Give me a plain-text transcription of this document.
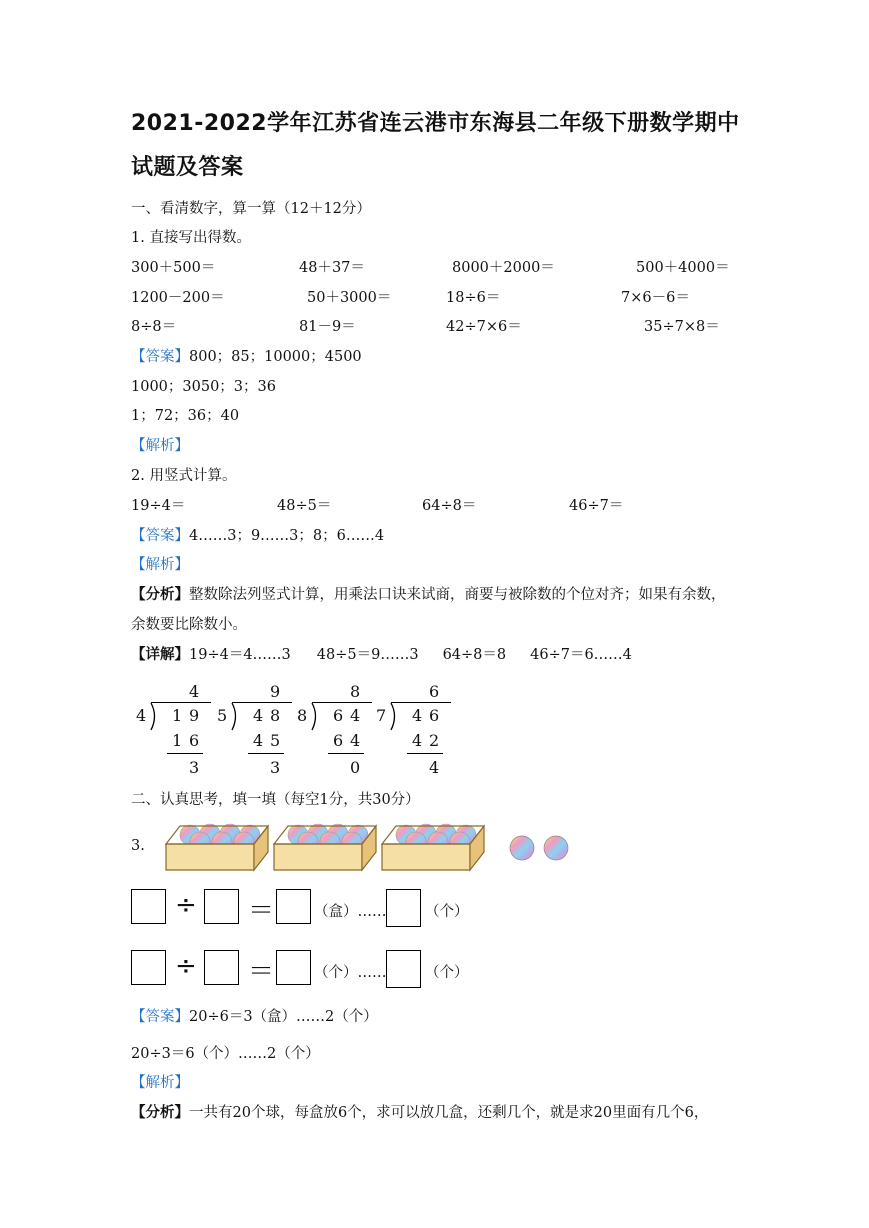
2021-2022学年江苏省连云港市东海县二年级下册数学期中
试题及答案
一、看清数字，算一算（12＋12分）
1. 直接写出得数。
300＋500＝	48＋37＝	8000＋2000＝	500＋4000＝
1200－200＝	50＋3000＝	18÷6＝	7×6－6＝
8÷8＝	81－9＝	42÷7×6＝	35÷7×8＝
【答案】800；85；10000；4500
1000；3050；3；36
1；72；36；40
【解析】
2. 用竖式计算。
19÷4＝	48÷5＝	64÷8＝	46÷7＝
【答案】4……3；9……3；8；6……4
【解析】
【分析】整数除法列竖式计算，用乘法口诀来试商，商要与被除数的个位对齐；如果有余数，
余数要比除数小。
【详解】19÷4＝4……3 48÷5＝9……3 64÷8＝8 46÷7＝6……4
4
4
1 9
1 6
3
5
9
4 8
4 5
3
8
8
6 4
6 4
0
7
6
4 6
4 2
4
二、认真思考，填一填（每空1分，共30分）
3.
÷ ＝	（盒）……	（个）
÷ ＝	（个）……	（个）
【答案】20÷6＝3（盒）……2（个）
20÷3＝6（个）……2（个）
【解析】
【分析】一共有20个球，每盒放6个，求可以放几盒，还剩几个，就是求20里面有几个6，
